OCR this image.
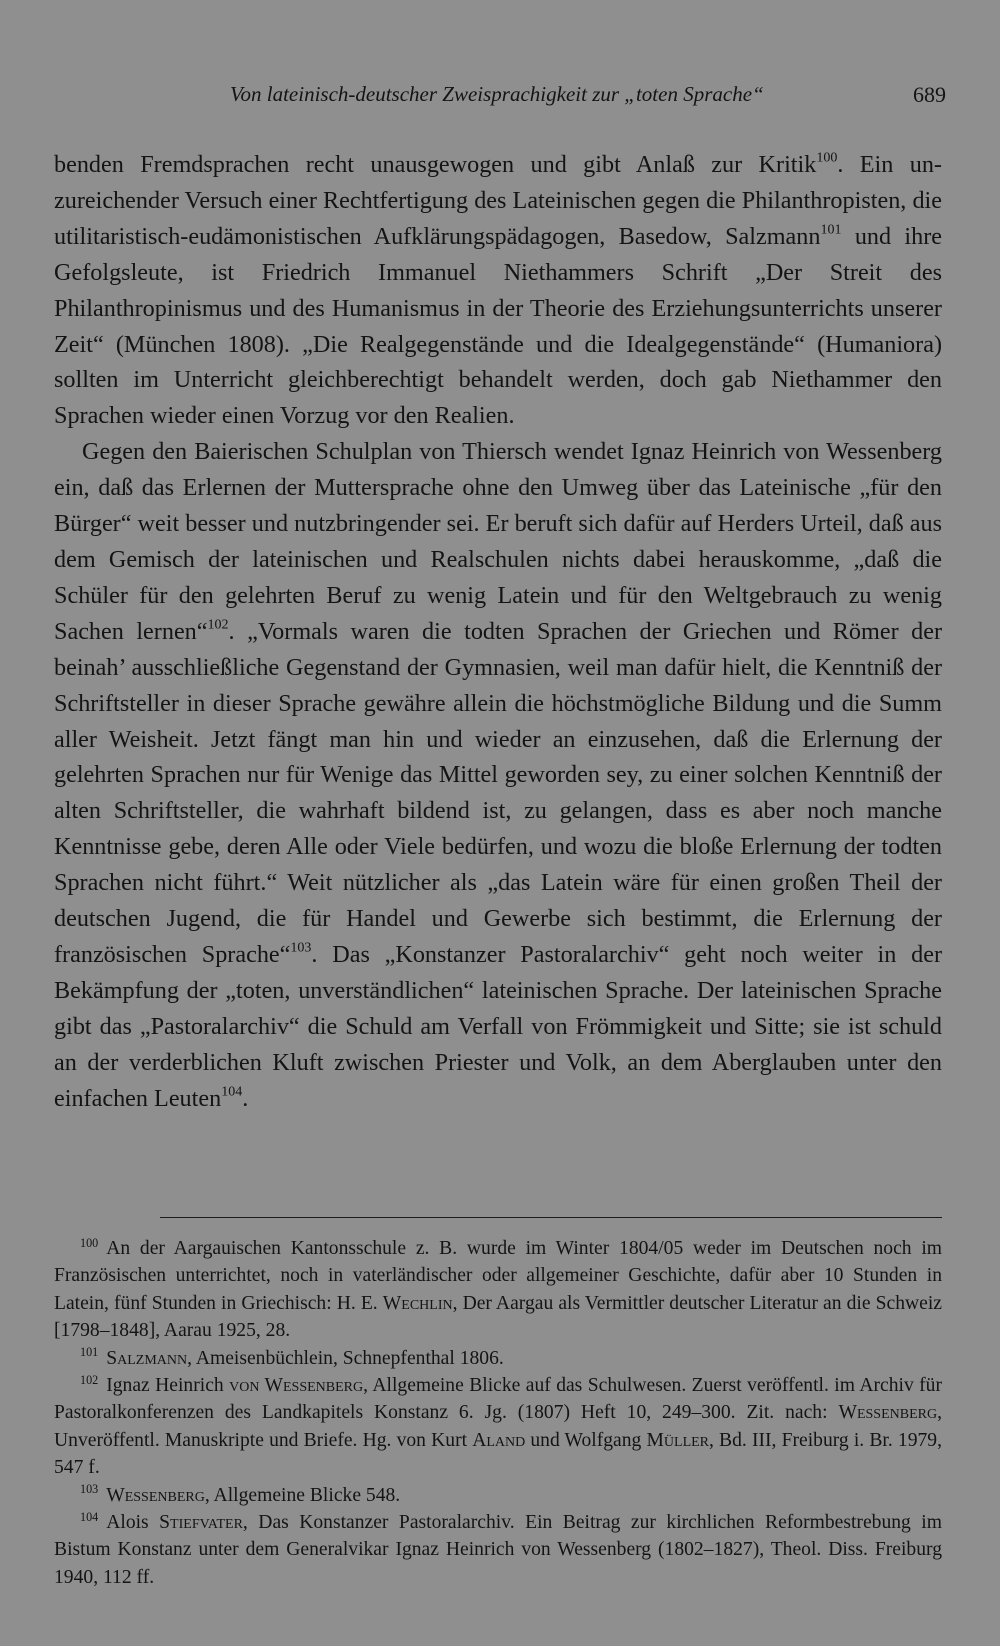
Von lateinisch-deutscher Zweisprachigkeit zur „toten Sprache“	689

benden Fremdsprachen recht unausgewogen und gibt Anlaß zur Kritik$^{100}$. Ein unzureichender Versuch einer Rechtfertigung des Lateinischen gegen die Philanthropisten, die utilitaristisch-eudämonistischen Aufklärungspädagogen, Basedow, Salzmann$^{101}$ und ihre Gefolgsleute, ist Friedrich Immanuel Niethammers Schrift „Der Streit des Philanthropinismus und des Humanismus in der Theorie des Erziehungsunterrichts unserer Zeit“ (München 1808). „Die Realgegenstände und die Idealgegenstände“ (Humaniora) sollten im Unterricht gleichberechtigt behandelt werden, doch gab Niethammer den Sprachen wieder einen Vorzug vor den Realien.

Gegen den Baierischen Schulplan von Thiersch wendet Ignaz Heinrich von Wessenberg ein, daß das Erlernen der Muttersprache ohne den Umweg über das Lateinische „für den Bürger“ weit besser und nutzbringender sei. Er beruft sich dafür auf Herders Urteil, daß aus dem Gemisch der lateinischen und Realschulen nichts dabei herauskomme, „daß die Schüler für den gelehrten Beruf zu wenig Latein und für den Weltgebrauch zu wenig Sachen lernen“$^{102}$. „Vormals waren die todten Sprachen der Griechen und Römer der beinah’ ausschließliche Gegenstand der Gymnasien, weil man dafür hielt, die Kenntniß der Schriftsteller in dieser Sprache gewähre allein die höchstmögliche Bildung und die Summ aller Weisheit. Jetzt fängt man hin und wieder an einzusehen, daß die Erlernung der gelehrten Sprachen nur für Wenige das Mittel geworden sey, zu einer solchen Kenntniß der alten Schriftsteller, die wahrhaft bildend ist, zu gelangen, dass es aber noch manche Kenntnisse gebe, deren Alle oder Viele bedürfen, und wozu die bloße Erlernung der todten Sprachen nicht führt.“ Weit nützlicher als „das Latein wäre für einen großen Theil der deutschen Jugend, die für Handel und Gewerbe sich bestimmt, die Erlernung der französischen Sprache“$^{103}$. Das „Konstanzer Pastoralarchiv“ geht noch weiter in der Bekämpfung der „toten, unverständlichen“ lateinischen Sprache. Der lateinischen Sprache gibt das „Pastoralarchiv“ die Schuld am Verfall von Frömmigkeit und Sitte; sie ist schuld an der verderblichen Kluft zwischen Priester und Volk, an dem Aberglauben unter den einfachen Leuten$^{104}$.

$^{100}$ An der Aargauischen Kantonsschule z. B. wurde im Winter 1804/05 weder im Deutschen noch im Französischen unterrichtet, noch in vaterländischer oder allgemeiner Geschichte, dafür aber 10 Stunden in Latein, fünf Stunden in Griechisch: H. E. Wechlin, Der Aargau als Vermittler deutscher Literatur an die Schweiz [1798–1848], Aarau 1925, 28.

$^{101}$ Salzmann, Ameisenbüchlein, Schnepfenthal 1806.

$^{102}$ Ignaz Heinrich von Wessenberg, Allgemeine Blicke auf das Schulwesen. Zuerst veröffentl. im Archiv für Pastoralkonferenzen des Landkapitels Konstanz 6. Jg. (1807) Heft 10, 249–300. Zit. nach: Wessenberg, Unveröffentl. Manuskripte und Briefe. Hg. von Kurt Aland und Wolfgang Müller, Bd. III, Freiburg i. Br. 1979, 547 f.

$^{103}$ Wessenberg, Allgemeine Blicke 548.

$^{104}$ Alois Stiefvater, Das Konstanzer Pastoralarchiv. Ein Beitrag zur kirchlichen Reformbestrebung im Bistum Konstanz unter dem Generalvikar Ignaz Heinrich von Wessenberg (1802–1827), Theol. Diss. Freiburg 1940, 112 ff.
